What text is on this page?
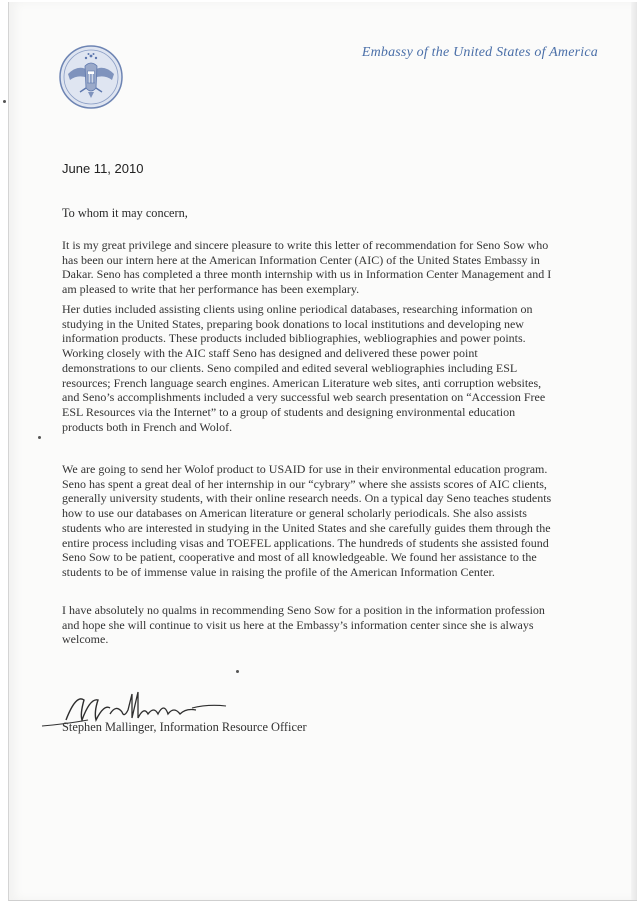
Embassy of the United States of America
June 11, 2010
To whom it may concern,
It is my great privilege and sincere pleasure to write this letter of recommendation for Seno Sow who has been our intern here at the American Information Center (AIC) of the United States Embassy in Dakar. Seno has completed a three month internship with us in Information Center Management and I am pleased to write that her performance has been exemplary.
Her duties included assisting clients using online periodical databases, researching information on studying in the United States, preparing book donations to local institutions and developing new information products. These products included bibliographies, webliographies and power points. Working closely with the AIC staff Seno has designed and delivered these power point demonstrations to our clients. Seno compiled and edited several webliographies including ESL resources; French language search engines. American Literature web sites, anti corruption websites, and Seno’s accomplishments included a very successful web search presentation on “Accession Free ESL Resources via the Internet” to a group of students and designing environmental education products both in French and Wolof.
We are going to send her Wolof product to USAID for use in their environmental education program. Seno has spent a great deal of her internship in our “cybrary” where she assists scores of AIC clients, generally university students, with their online research needs. On a typical day Seno teaches students how to use our databases on American literature or general scholarly periodicals. She also assists students who are interested in studying in the United States and she carefully guides them through the entire process including visas and TOEFEL applications. The hundreds of students she assisted found Seno Sow to be patient, cooperative and most of all knowledgeable. We found her assistance to the students to be of immense value in raising the profile of the American Information Center.
I have absolutely no qualms in recommending Seno Sow for a position in the information profession and hope she will continue to visit us here at the Embassy’s information center since she is always welcome.
Stephen Mallinger, Information Resource Officer
